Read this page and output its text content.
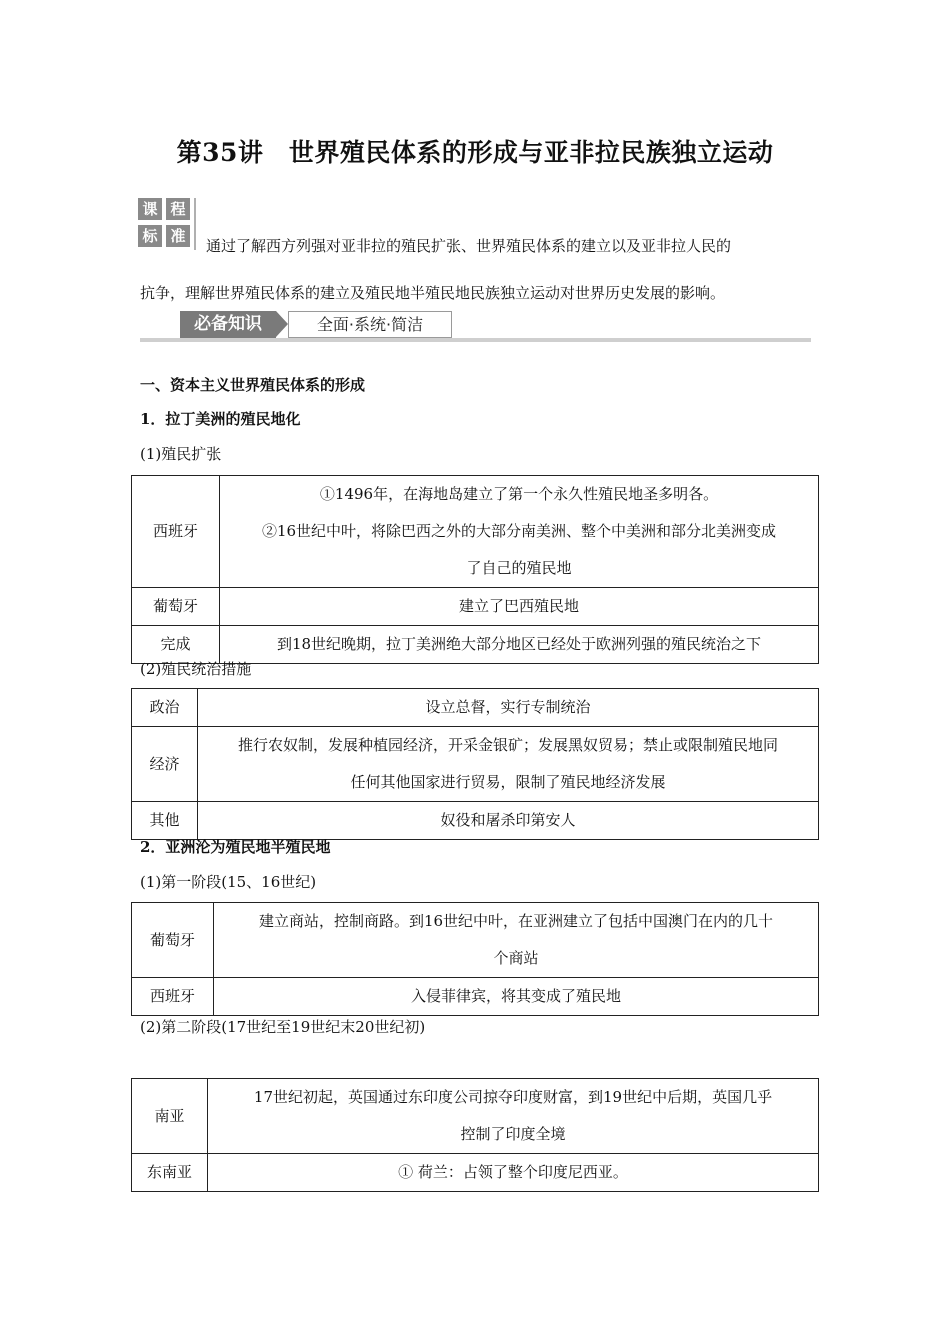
第35讲　世界殖民体系的形成与亚非拉民族独立运动
课 程
标 准
通过了解西方列强对亚非拉的殖民扩张、世界殖民体系的建立以及亚非拉人民的
抗争，理解世界殖民体系的建立及殖民地半殖民地民族独立运动对世界历史发展的影响。
必备知识	全面·系统·简洁
一、资本主义世界殖民体系的形成
1．拉丁美洲的殖民地化
(1)殖民扩张
西班牙	①1496年，在海地岛建立了第一个永久性殖民地圣多明各。
②16世纪中叶，将除巴西之外的大部分南美洲、整个中美洲和部分北美洲变成
了自己的殖民地

葡萄牙	建立了巴西殖民地
完成	到18世纪晚期，拉丁美洲绝大部分地区已经处于欧洲列强的殖民统治之下
(2)殖民统治措施
政治	设立总督，实行专制统治
经济	推行农奴制，发展种植园经济，开采金银矿；发展黑奴贸易；禁止或限制殖民地同
任何其他国家进行贸易，限制了殖民地经济发展

其他	奴役和屠杀印第安人
2．亚洲沦为殖民地半殖民地
(1)第一阶段(15、16世纪)
葡萄牙	建立商站，控制商路。到16世纪中叶，在亚洲建立了包括中国澳门在内的几十
个商站

西班牙	入侵菲律宾，将其变成了殖民地
(2)第二阶段(17世纪至19世纪末20世纪初)
南亚	17世纪初起，英国通过东印度公司掠夺印度财富，到19世纪中后期，英国几乎
控制了印度全境

东南亚	① 荷兰：占领了整个印度尼西亚。
